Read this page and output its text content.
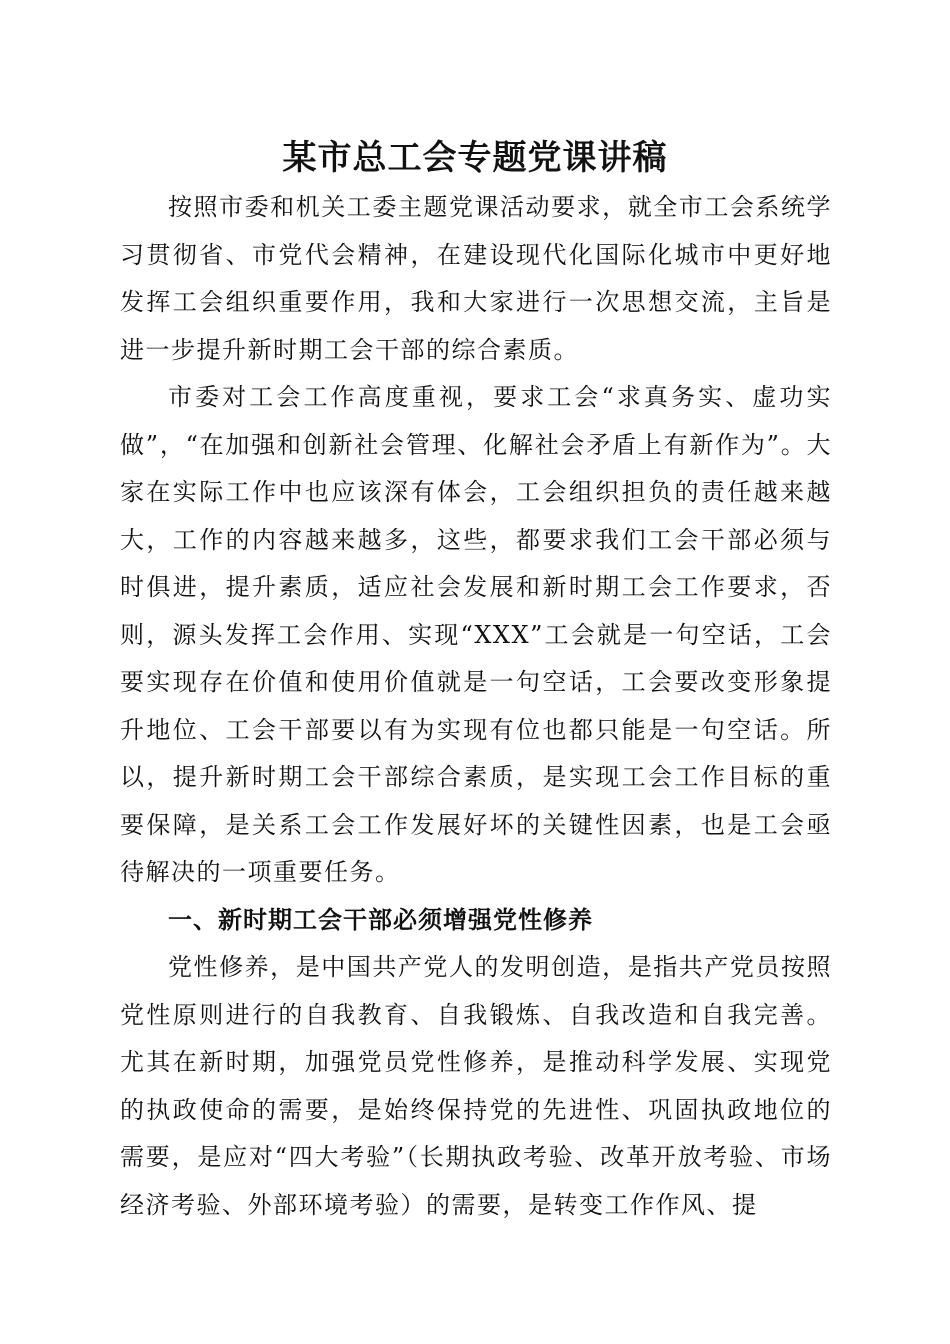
某市总工会专题党课讲稿

按照市委和机关工委主题党课活动要求，就全市工会系统学习贯彻省、市党代会精神，在建设现代化国际化城市中更好地发挥工会组织重要作用，我和大家进行一次思想交流，主旨是进一步提升新时期工会干部的综合素质。

市委对工会工作高度重视，要求工会“求真务实、虚功实做”，“在加强和创新社会管理、化解社会矛盾上有新作为”。大家在实际工作中也应该深有体会，工会组织担负的责任越来越大，工作的内容越来越多，这些，都要求我们工会干部必须与时俱进，提升素质，适应社会发展和新时期工会工作要求，否则，源头发挥工会作用、实现“XXX”工会就是一句空话，工会要实现存在价值和使用价值就是一句空话，工会要改变形象提升地位、工会干部要以有为实现有位也都只能是一句空话。所以，提升新时期工会干部综合素质，是实现工会工作目标的重要保障，是关系工会工作发展好坏的关键性因素，也是工会亟待解决的一项重要任务。

一、新时期工会干部必须增强党性修养

党性修养，是中国共产党人的发明创造，是指共产党员按照党性原则进行的自我教育、自我锻炼、自我改造和自我完善。尤其在新时期，加强党员党性修养，是推动科学发展、实现党的执政使命的需要，是始终保持党的先进性、巩固执政地位的需要，是应对“四大考验”（长期执政考验、改革开放考验、市场经济考验、外部环境考验）的需要，是转变工作作风、提
